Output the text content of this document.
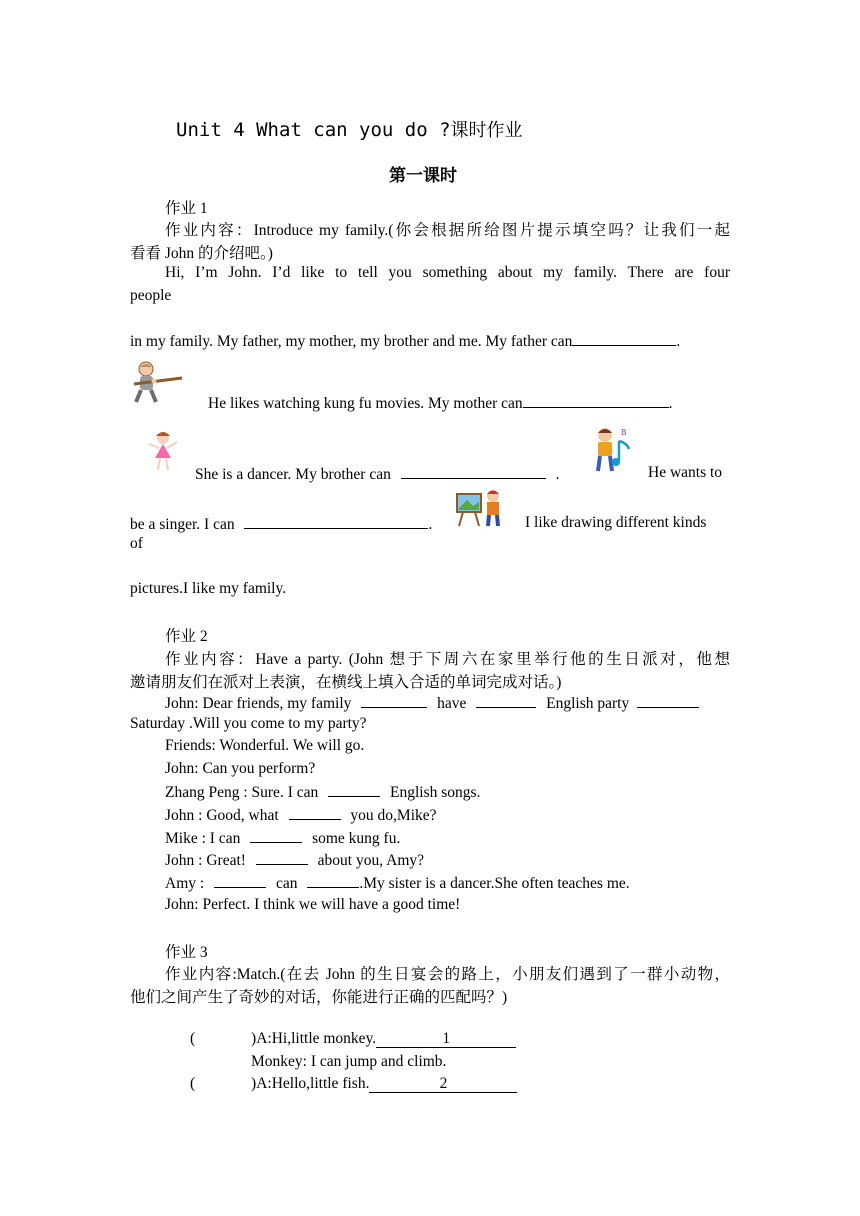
Unit 4 What can you do ?课时作业
第一课时
作业 1
作业内容：Introduce my family.(你会根据所给图片提示填空吗？让我们一起
看看 John 的介绍吧。)
Hi, I’m John. I’d like to tell you something about my family. There are four
people
in my family. My father, my mother, my brother and me. My father can	.
He likes watching kung fu movies. My mother can	.
She is a dancer. My brother can	.
B
He wants to
be a singer. I can	.	I like drawing different kinds
of
pictures.I like my family.
作业 2
作业内容：Have a party. (John 想于下周六在家里举行他的生日派对，他想
邀请朋友们在派对上表演，在横线上填入合适的单词完成对话。)
John: Dear friends, my family	have	English party
Saturday .Will you come to my party?
Friends: Wonderful. We will go.
John: Can you perform?
Zhang Peng : Sure. I can	English songs.
John : Good, what	you do,Mike?
Mike : I can	some kung fu.
John : Great!	about you, Amy?
Amy :	can	.My sister is a dancer.She often teaches me.
John: Perfect. I think we will have a good time!
作业 3
作业内容:Match.(在去 John 的生日宴会的路上，小朋友们遇到了一群小动物，
他们之间产生了奇妙的对话，你能进行正确的匹配吗？)
(	)A:Hi,little monkey.	1
Monkey: I can jump and climb.
(	)A:Hello,little fish.	2
